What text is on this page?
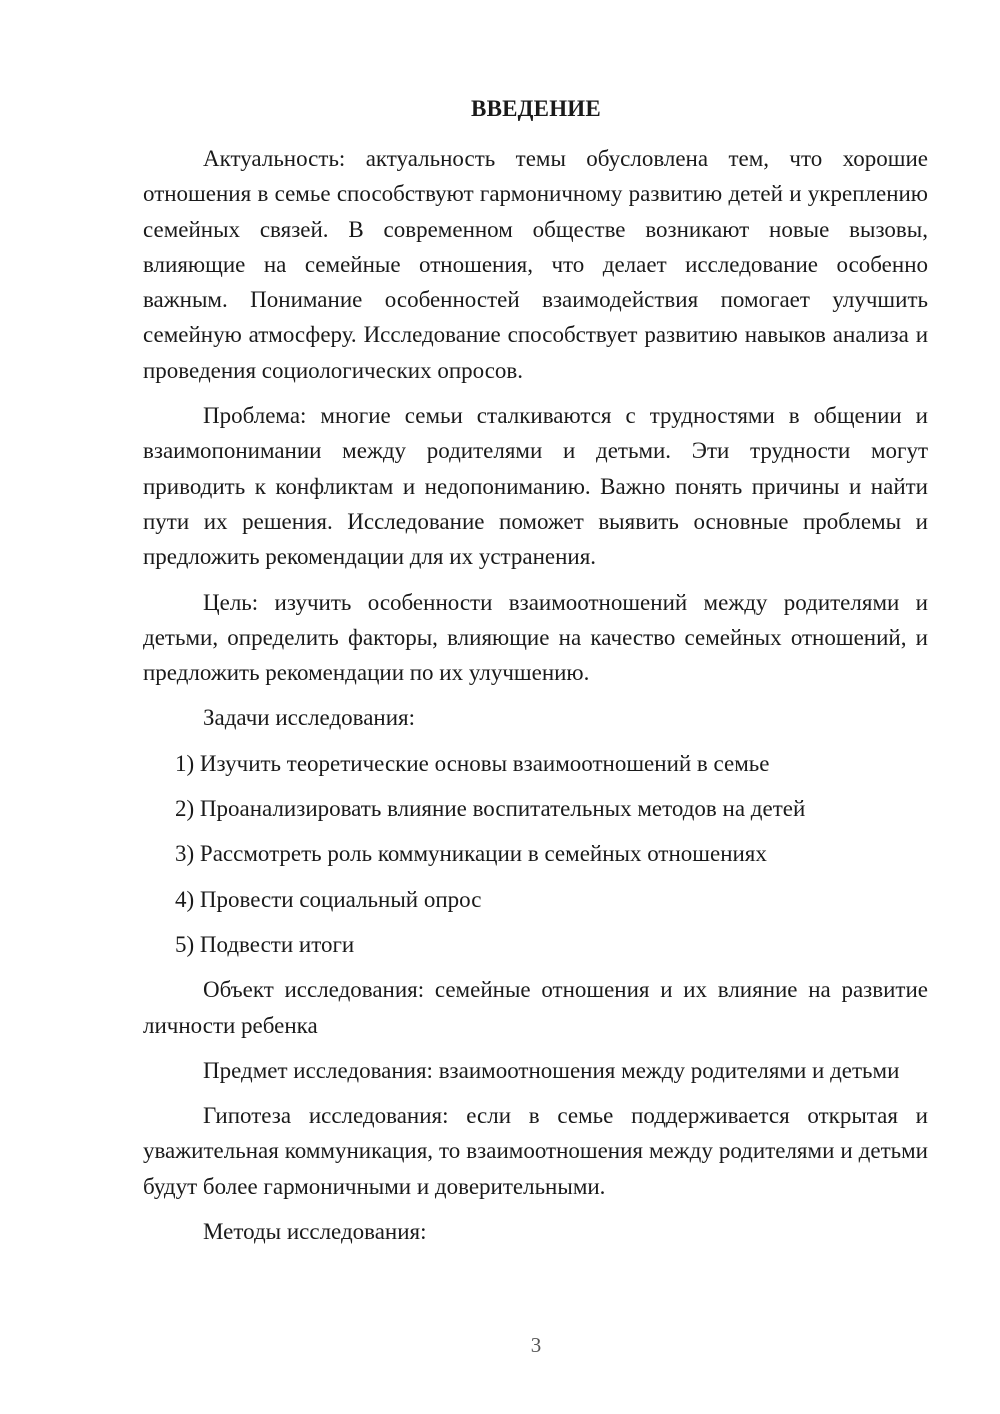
ВВЕДЕНИЕ

Актуальность: актуальность темы обусловлена тем, что хорошие отношения в семье способствуют гармоничному развитию детей и укреплению семейных связей. В современном обществе возникают новые вызовы, влияющие на семейные отношения, что делает исследование особенно важным. Понимание особенностей взаимодействия помогает улучшить семейную атмосферу. Исследование способствует развитию навыков анализа и проведения социологических опросов.

Проблема: многие семьи сталкиваются с трудностями в общении и взаимопонимании между родителями и детьми. Эти трудности могут приводить к конфликтам и недопониманию. Важно понять причины и найти пути их решения. Исследование поможет выявить основные проблемы и предложить рекомендации для их устранения.

Цель: изучить особенности взаимоотношений между родителями и детьми, определить факторы, влияющие на качество семейных отношений, и предложить рекомендации по их улучшению.

Задачи исследования:

1) Изучить теоретические основы взаимоотношений в семье

2) Проанализировать влияние воспитательных методов на детей

3) Рассмотреть роль коммуникации в семейных отношениях

4) Провести социальный опрос

5) Подвести итоги

Объект исследования: семейные отношения и их влияние на развитие личности ребенка

Предмет исследования: взаимоотношения между родителями и детьми

Гипотеза исследования: если в семье поддерживается открытая и уважительная коммуникация, то взаимоотношения между родителями и детьми будут более гармоничными и доверительными.

Методы исследования:

3
